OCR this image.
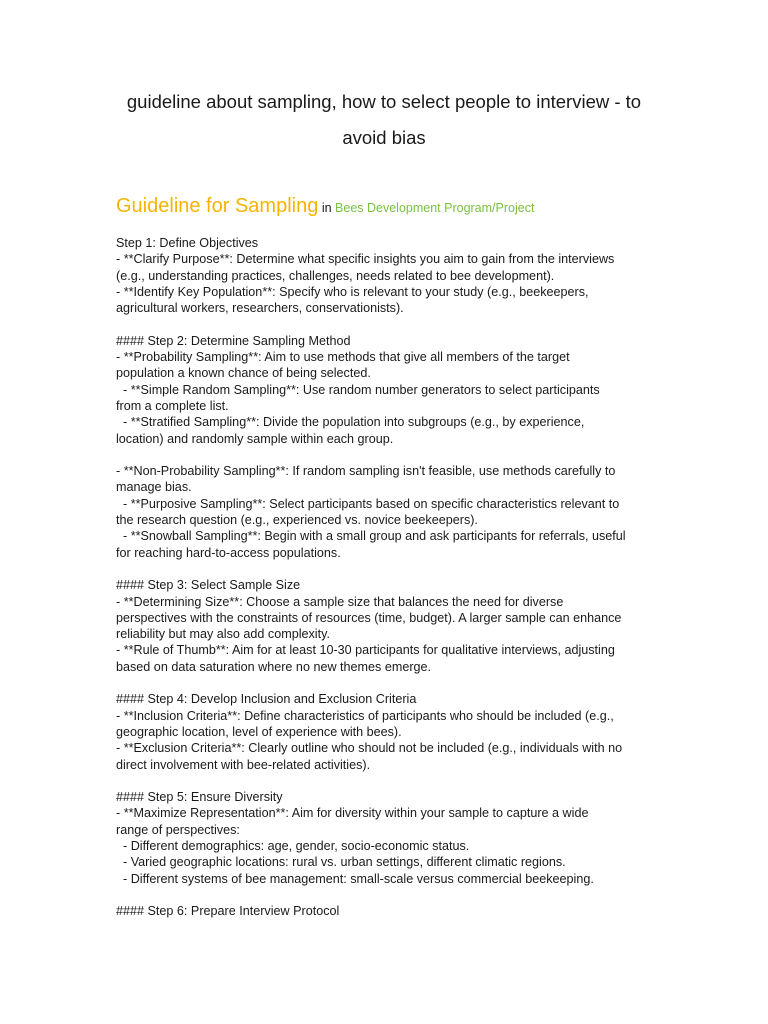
guideline about sampling, how to select people to interview - to avoid bias
Guideline for Sampling in Bees Development Program/Project
Step 1: Define Objectives
- **Clarify Purpose**: Determine what specific insights you aim to gain from the interviews
(e.g., understanding practices, challenges, needs related to bee development).
- **Identify Key Population**: Specify who is relevant to your study (e.g., beekeepers,
agricultural workers, researchers, conservationists).
#### Step 2: Determine Sampling Method
- **Probability Sampling**: Aim to use methods that give all members of the target
population a known chance of being selected.
- **Simple Random Sampling**: Use random number generators to select participants
from a complete list.
- **Stratified Sampling**: Divide the population into subgroups (e.g., by experience,
location) and randomly sample within each group.
- **Non-Probability Sampling**: If random sampling isn't feasible, use methods carefully to
manage bias.
- **Purposive Sampling**: Select participants based on specific characteristics relevant to
the research question (e.g., experienced vs. novice beekeepers).
- **Snowball Sampling**: Begin with a small group and ask participants for referrals, useful
for reaching hard-to-access populations.
#### Step 3: Select Sample Size
- **Determining Size**: Choose a sample size that balances the need for diverse
perspectives with the constraints of resources (time, budget). A larger sample can enhance
reliability but may also add complexity.
- **Rule of Thumb**: Aim for at least 10-30 participants for qualitative interviews, adjusting
based on data saturation where no new themes emerge.
#### Step 4: Develop Inclusion and Exclusion Criteria
- **Inclusion Criteria**: Define characteristics of participants who should be included (e.g.,
geographic location, level of experience with bees).
- **Exclusion Criteria**: Clearly outline who should not be included (e.g., individuals with no
direct involvement with bee-related activities).
#### Step 5: Ensure Diversity
- **Maximize Representation**: Aim for diversity within your sample to capture a wide
range of perspectives:
- Different demographics: age, gender, socio-economic status.
- Varied geographic locations: rural vs. urban settings, different climatic regions.
- Different systems of bee management: small-scale versus commercial beekeeping.
#### Step 6: Prepare Interview Protocol
